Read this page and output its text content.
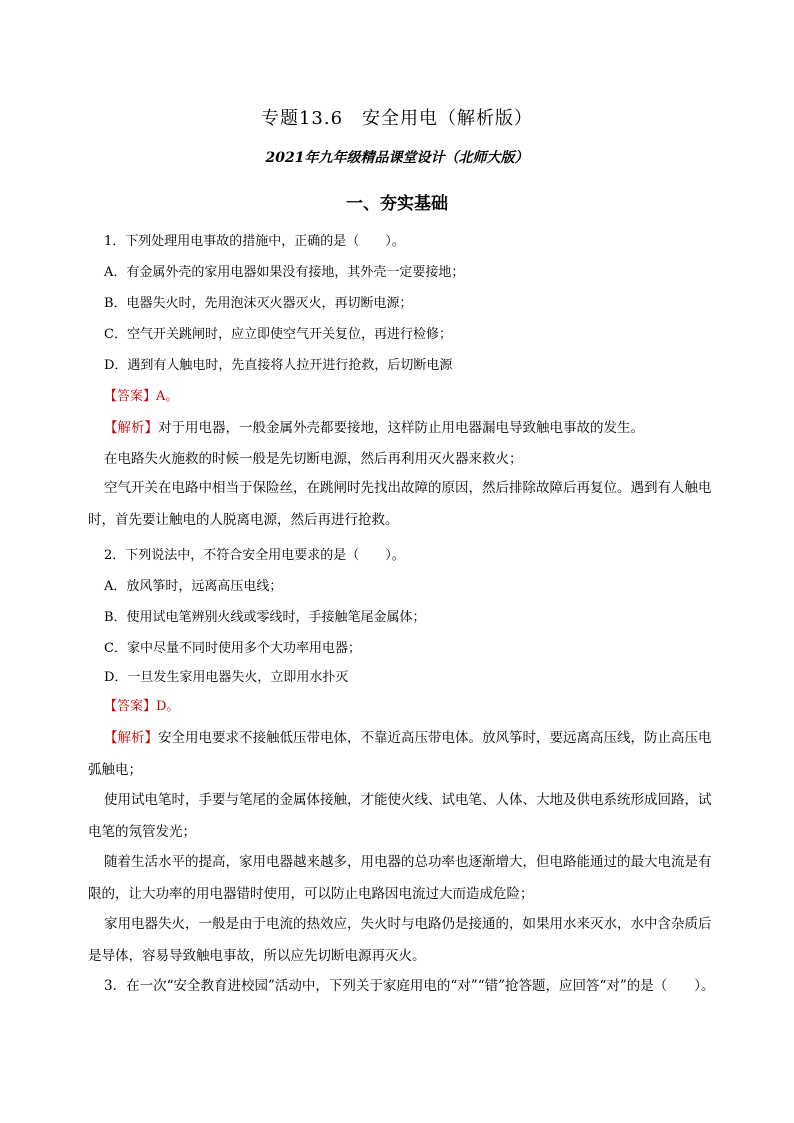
专题13.6　安全用电（解析版）
2021年九年级精品课堂设计（北师大版）
一、夯实基础
1．下列处理用电事故的措施中，正确的是（　　）。
A．有金属外壳的家用电器如果没有接地，其外壳一定要接地；
B．电器失火时，先用泡沫灭火器灭火，再切断电源；
C．空气开关跳闸时，应立即使空气开关复位，再进行检修；
D．遇到有人触电时，先直接将人拉开进行抢救，后切断电源
【答案】A。
【解析】对于用电器，一般金属外壳都要接地，这样防止用电器漏电导致触电事故的发生。
在电路失火施救的时候一般是先切断电源，然后再利用灭火器来救火；
空气开关在电路中相当于保险丝，在跳闸时先找出故障的原因，然后排除故障后再复位。遇到有人触电时，首先要让触电的人脱离电源，然后再进行抢救。
2．下列说法中，不符合安全用电要求的是（　　）。
A．放风筝时，远离高压电线；
B．使用试电笔辨别火线或零线时，手接触笔尾金属体；
C．家中尽量不同时使用多个大功率用电器；
D．一旦发生家用电器失火，立即用水扑灭
【答案】D。
【解析】安全用电要求不接触低压带电体，不靠近高压带电体。放风筝时，要远离高压线，防止高压电弧触电；
使用试电笔时，手要与笔尾的金属体接触，才能使火线、试电笔、人体、大地及供电系统形成回路，试电笔的氖管发光；
随着生活水平的提高，家用电器越来越多，用电器的总功率也逐渐增大，但电路能通过的最大电流是有限的，让大功率的用电器错时使用，可以防止电路因电流过大而造成危险；
家用电器失火，一般是由于电流的热效应，失火时与电路仍是接通的，如果用水来灭水，水中含杂质后是导体，容易导致触电事故，所以应先切断电源再灭火。
3．在一次“安全教育进校园”活动中，下列关于家庭用电的“对”“错”抢答题，应回答“对”的是（　　）。
